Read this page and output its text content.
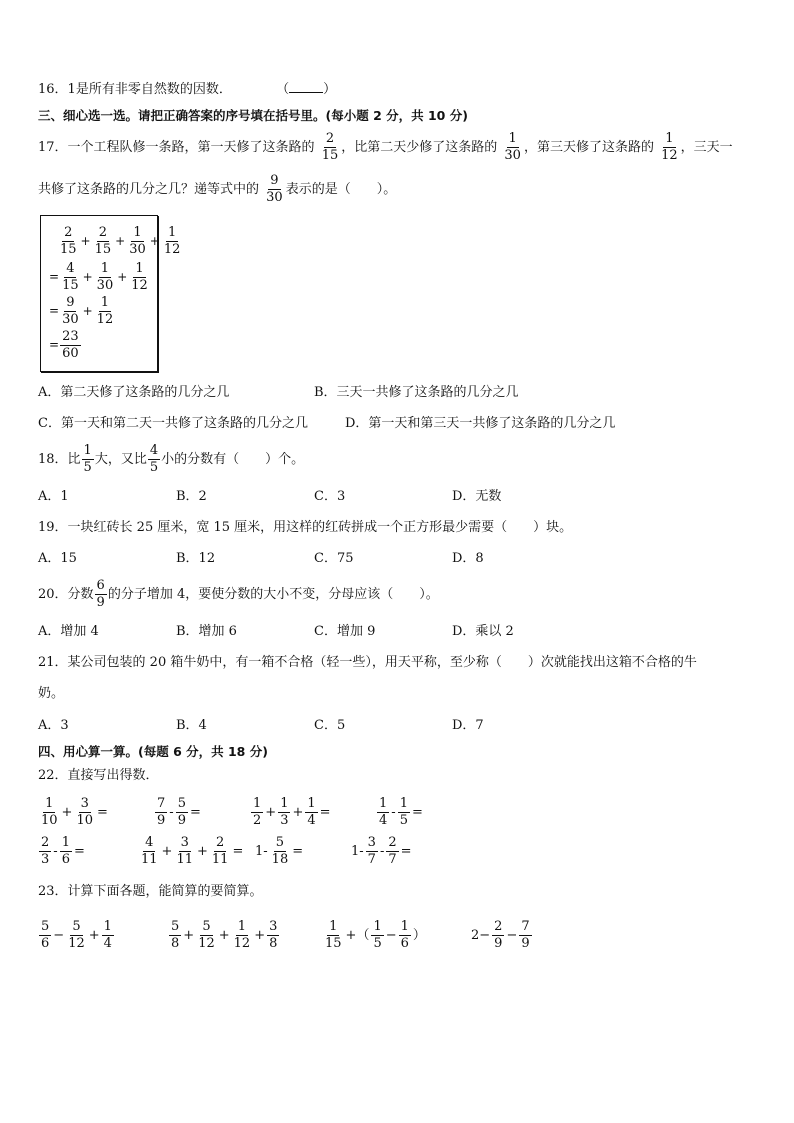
16．1是所有非零自然数的因数．	（	）
三、细心选一选。请把正确答案的序号填在括号里。(每小题 2 分，共 10 分)
17．一个工程队修一条路，第一天修了这条路的 $\frac{2}{15}$ ，比第二天少修了这条路的 $\frac{1}{30}$ ，第三天修了这条路的 $\frac{1}{12}$ ，三天一
共修了这条路的几分之几？递等式中的 $\frac{9}{30}$ 表示的是（　　）。
$\frac{2}{15} + \frac{2}{15} + \frac{1}{30} + \frac{1}{12}$
= $\frac{4}{15} + \frac{1}{30} + \frac{1}{12}$
= $\frac{9}{30} + \frac{1}{12}$
= $\frac{23}{60}$
A．第二天修了这条路的几分之几	B．三天一共修了这条路的几分之几
C．第一天和第二天一共修了这条路的几分之几	D．第一天和第三天一共修了这条路的几分之几
18．比 $\frac{1}{5}$ 大，又比 $\frac{4}{5}$ 小的分数有（　　）个。
A．1	B．2	C．3	D．无数
19．一块红砖长 25 厘米，宽 15 厘米，用这样的红砖拼成一个正方形最少需要（　　）块。
A．15	B．12	C．75	D．8
20．分数 $\frac{6}{9}$ 的分子增加 4，要使分数的大小不变，分母应该（　　）。
A．增加 4	B．增加 6	C．增加 9	D．乘以 2
21．某公司包装的 20 箱牛奶中，有一箱不合格（轻一些），用天平称，至少称（　　）次就能找出这箱不合格的牛
奶。
A．3	B．4	C．5	D．7
四、用心算一算。(每题 6 分，共 18 分)
22．直接写出得数．
$\frac{1}{10} + \frac{3}{10}$ =	$\frac{7}{9} - \frac{5}{9}$ =	$\frac{1}{2} + \frac{1}{3} + \frac{1}{4}$ =	$\frac{1}{4} - \frac{1}{5}$ =
$\frac{2}{3} - \frac{1}{6}$ =	$\frac{4}{11} + \frac{3}{11} + \frac{2}{11} = 1- \frac{5}{18}$ =	$1- \frac{3}{7} - \frac{2}{7}$ =
23．计算下面各题，能简算的要简算。
$\frac{5}{6} - \frac{5}{12} + \frac{1}{4}$	$\frac{5}{8} + \frac{5}{12} + \frac{1}{12} + \frac{3}{8}$	$\frac{1}{15}$ +（ $\frac{1}{5} - \frac{1}{6}$ ）	$2- \frac{2}{9} - \frac{7}{9}$
